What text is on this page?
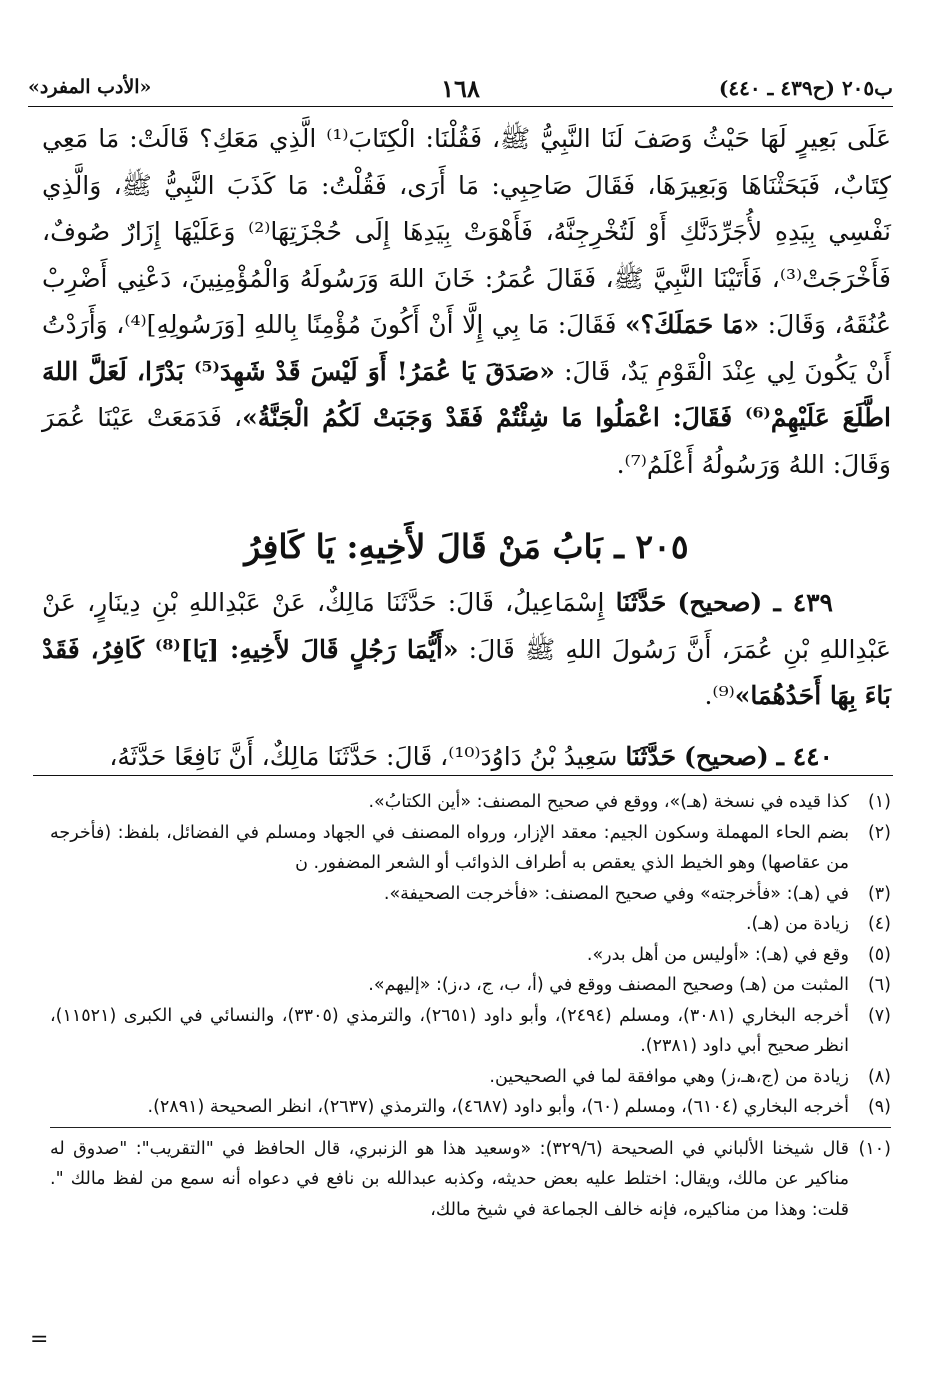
ب٢٠٥ (ح٤٣٩ ـ ٤٤٠)
١٦٨
«الأدب المفرد»

عَلَى بَعِيرٍ لَهَا حَيْثُ وَصَفَ لَنَا النَّبِيُّ ﷺ، فَقُلْنَا: الْكِتَابَ⁽¹⁾ الَّذِي مَعَكِ؟ قَالَتْ: مَا مَعِي كِتَابٌ، فَبَحَثْنَاهَا وَبَعِيرَهَا، فَقَالَ صَاحِبِي: مَا أَرَى، فَقُلْتُ: مَا كَذَبَ النَّبِيُّ ﷺ، وَالَّذِي نَفْسِي بِيَدِهِ لأُجَرِّدَنَّكِ أَوْ لَتُخْرِجِنَّهُ، فَأَهْوَتْ بِيَدِهَا إِلَى حُجْزَتِهَا⁽²⁾ وَعَلَيْهَا إِزَارٌ صُوفٌ، فَأَخْرَجَتْ⁽³⁾، فَأَتَيْنَا النَّبِيَّ ﷺ، فَقَالَ عُمَرُ: خَانَ اللهَ وَرَسُولَهُ وَالْمُؤْمِنِينَ، دَعْنِي أَضْرِبْ عُنُقَهُ، وَقَالَ: «مَا حَمَلَكَ؟» فَقَالَ: مَا بِي إِلَّا أَنْ أَكُونَ مُؤْمِنًا بِاللهِ [وَرَسُولِهِ]⁽⁴⁾، وَأَرَدْتُ أَنْ يَكُونَ لِي عِنْدَ الْقَوْمِ يَدٌ، قَالَ: «صَدَقَ يَا عُمَرُ! أَوَ لَيْسَ قَدْ شَهِدَ⁽⁵⁾ بَدْرًا، لَعَلَّ اللهَ اطَّلَعَ عَلَيْهِمْ⁽⁶⁾ فَقَالَ: اعْمَلُوا مَا شِئْتُمْ فَقَدْ وَجَبَتْ لَكُمُ الْجَنَّةُ»، فَدَمَعَتْ عَيْنَا عُمَرَ وَقَالَ: اللهُ وَرَسُولُهُ أَعْلَمُ⁽⁷⁾.

٢٠٥ ـ بَابُ مَنْ قَالَ لأَخِيهِ: يَا كَافِرُ

٤٣٩ ـ (صحيح) حَدَّثَنَا إِسْمَاعِيلُ، قَالَ: حَدَّثَنَا مَالِكٌ، عَنْ عَبْدِاللهِ بْنِ دِينَارٍ، عَنْ عَبْدِاللهِ بْنِ عُمَرَ، أَنَّ رَسُولَ اللهِ ﷺ قَالَ: «أَيُّمَا رَجُلٍ قَالَ لأَخِيهِ: [يَا]⁽⁸⁾ كَافِرُ، فَقَدْ بَاءَ بِهَا أَحَدُهُمَا»⁽⁹⁾.

٤٤٠ ـ (صحيح) حَدَّثَنَا سَعِيدُ بْنُ دَاوُدَ⁽¹⁰⁾، قَالَ: حَدَّثَنَا مَالِكٌ، أَنَّ نَافِعًا حَدَّثَهُ،

(١)
كذا قيده في نسخة (هـ)»، ووقع في صحيح المصنف: «أين الكتابُ».

(٢)
بضم الحاء المهملة وسكون الجيم: معقد الإزار، ورواه المصنف في الجهاد ومسلم في الفضائل، بلفظ: (فأخرجه من عقاصها) وهو الخيط الذي يعقص به أطراف الذوائب أو الشعر المضفور. ن

(٣)
في (هـ): «فأخرجته» وفي صحيح المصنف: «فأخرجت الصحيفة».

(٤)
زيادة من (هـ).

(٥)
وقع في (هـ): «أوليس من أهل بدر».

(٦)
المثبت من (هـ) وصحيح المصنف ووقع في (أ، ب، ج، د،ز): «إليهم».

(٧)
أخرجه البخاري (٣٠٨١)، ومسلم (٢٤٩٤)، وأبو داود (٢٦٥١)، والترمذي (٣٣٠٥)، والنسائي في الكبرى (١١٥٢١)، انظر صحيح أبي داود (٢٣٨١).

(٨)
زيادة من (ج،هـ،ز) وهي موافقة لما في الصحيحين.

(٩)
أخرجه البخاري (٦١٠٤)، ومسلم (٦٠)، وأبو داود (٤٦٨٧)، والترمذي (٢٦٣٧)، انظر الصحيحة (٢٨٩١).

(١٠)
قال شيخنا الألباني في الصحيحة (٣٢٩/٦): «وسعيد هذا هو الزنبري، قال الحافظ في "التقريب": "صدوق له مناكير عن مالك، ويقال: اختلط عليه بعض حديثه، وكذبه عبدالله بن نافع في دعواه أنه سمع من لفظ مالك ". قلت: وهذا من مناكيره، فإنه خالف الجماعة في شيخ مالك،

=
